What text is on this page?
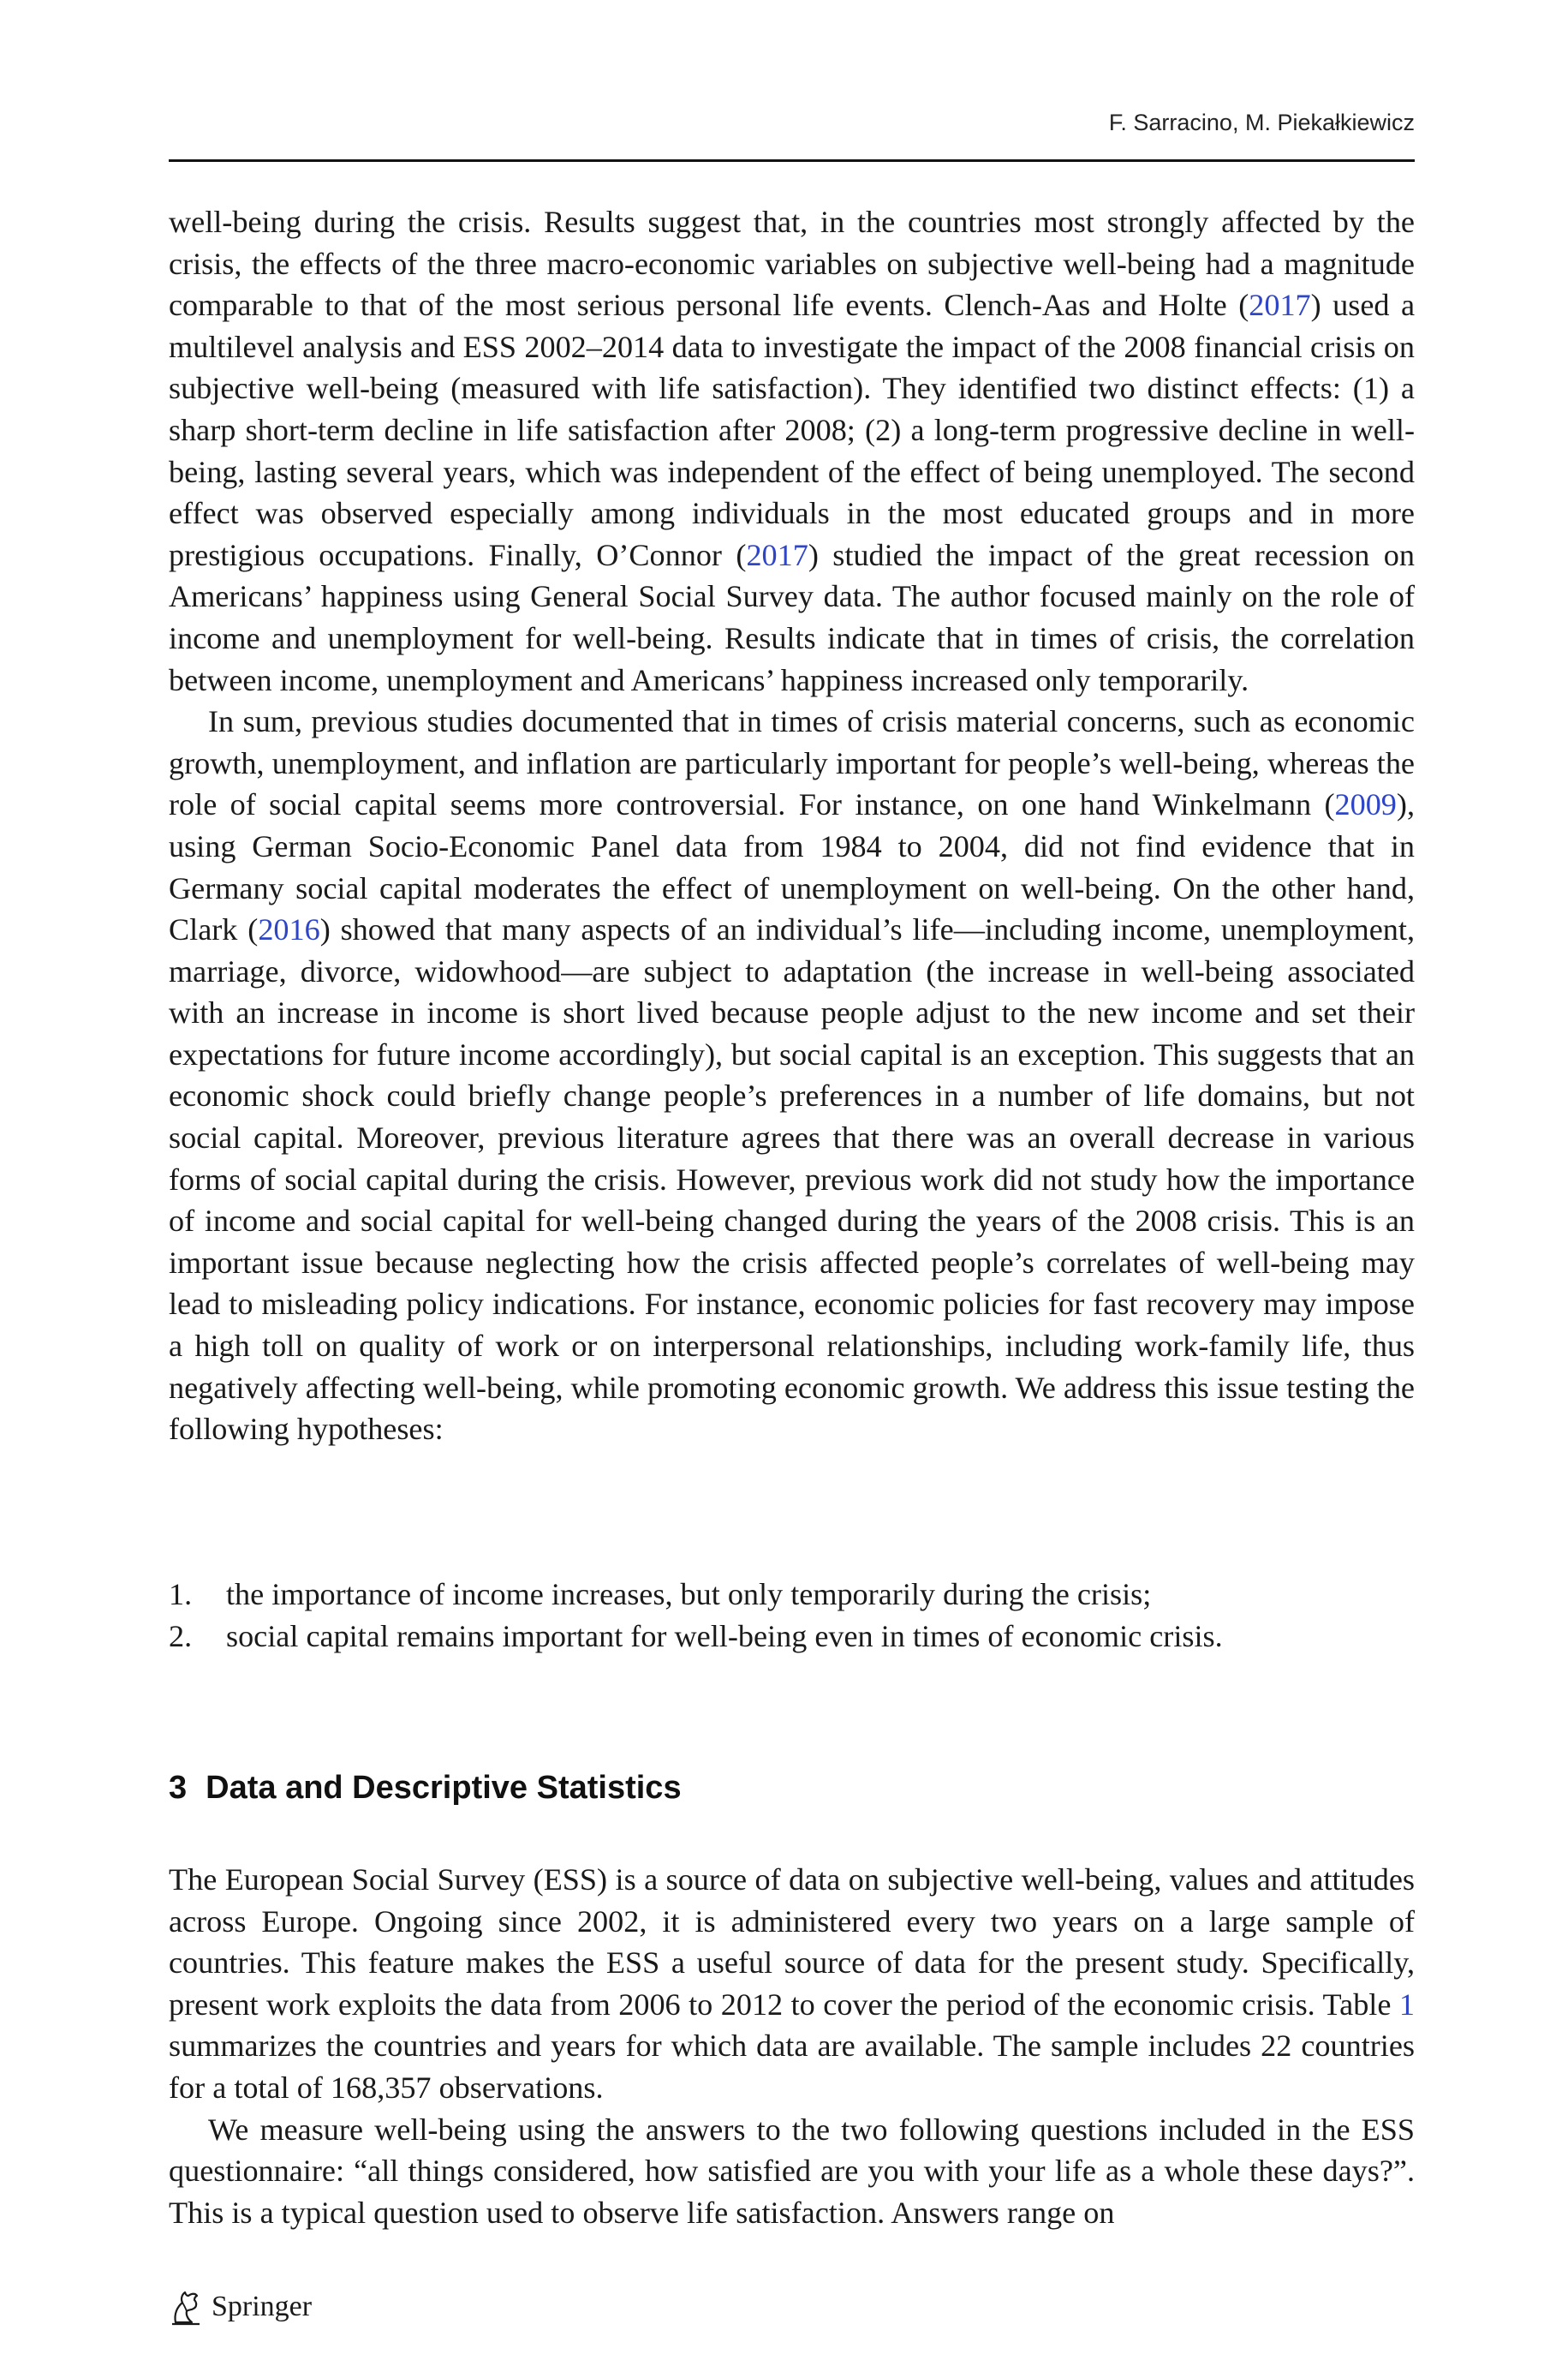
F. Sarracino, M. Piekałkiewicz

well-being during the crisis. Results suggest that, in the countries most strongly affected by the crisis, the effects of the three macro-economic variables on subjective well-being had a magnitude comparable to that of the most serious personal life events. Clench-Aas and Holte (2017) used a multilevel analysis and ESS 2002–2014 data to investigate the impact of the 2008 financial crisis on subjective well-being (measured with life satisfaction). They identified two distinct effects: (1) a sharp short-term decline in life satisfaction after 2008; (2) a long-term progressive decline in well-being, lasting several years, which was independent of the effect of being unemployed. The second effect was observed especially among individuals in the most educated groups and in more prestigious occupations. Finally, O’Connor (2017) studied the impact of the great recession on Americans’ happiness using General Social Survey data. The author focused mainly on the role of income and unemployment for well-being. Results indicate that in times of crisis, the correlation between income, unemployment and Americans’ happiness increased only temporarily.

In sum, previous studies documented that in times of crisis material concerns, such as economic growth, unemployment, and inflation are particularly important for people’s well-being, whereas the role of social capital seems more controversial. For instance, on one hand Winkelmann (2009), using German Socio-Economic Panel data from 1984 to 2004, did not find evidence that in Germany social capital moderates the effect of unemployment on well-being. On the other hand, Clark (2016) showed that many aspects of an individual’s life—including income, unemployment, marriage, divorce, widowhood—are subject to adaptation (the increase in well-being associated with an increase in income is short lived because people adjust to the new income and set their expectations for future income accordingly), but social capital is an exception. This suggests that an economic shock could briefly change people’s preferences in a number of life domains, but not social capital. Moreover, previous literature agrees that there was an overall decrease in various forms of social capital during the crisis. However, previous work did not study how the importance of income and social capital for well-being changed during the years of the 2008 crisis. This is an important issue because neglecting how the crisis affected people’s correlates of well-being may lead to misleading policy indications. For instance, economic policies for fast recovery may impose a high toll on quality of work or on interpersonal relationships, including work-family life, thus negatively affecting well-being, while promoting economic growth. We address this issue testing the following hypotheses:

1. the importance of income increases, but only temporarily during the crisis;
2. social capital remains important for well-being even in times of economic crisis.
3 Data and Descriptive Statistics

The European Social Survey (ESS) is a source of data on subjective well-being, values and attitudes across Europe. Ongoing since 2002, it is administered every two years on a large sample of countries. This feature makes the ESS a useful source of data for the present study. Specifically, present work exploits the data from 2006 to 2012 to cover the period of the economic crisis. Table 1 summarizes the countries and years for which data are available. The sample includes 22 countries for a total of 168,357 observations.

We measure well-being using the answers to the two following questions included in the ESS questionnaire: “all things considered, how satisfied are you with your life as a whole these days?”. This is a typical question used to observe life satisfaction. Answers range on

Springer
